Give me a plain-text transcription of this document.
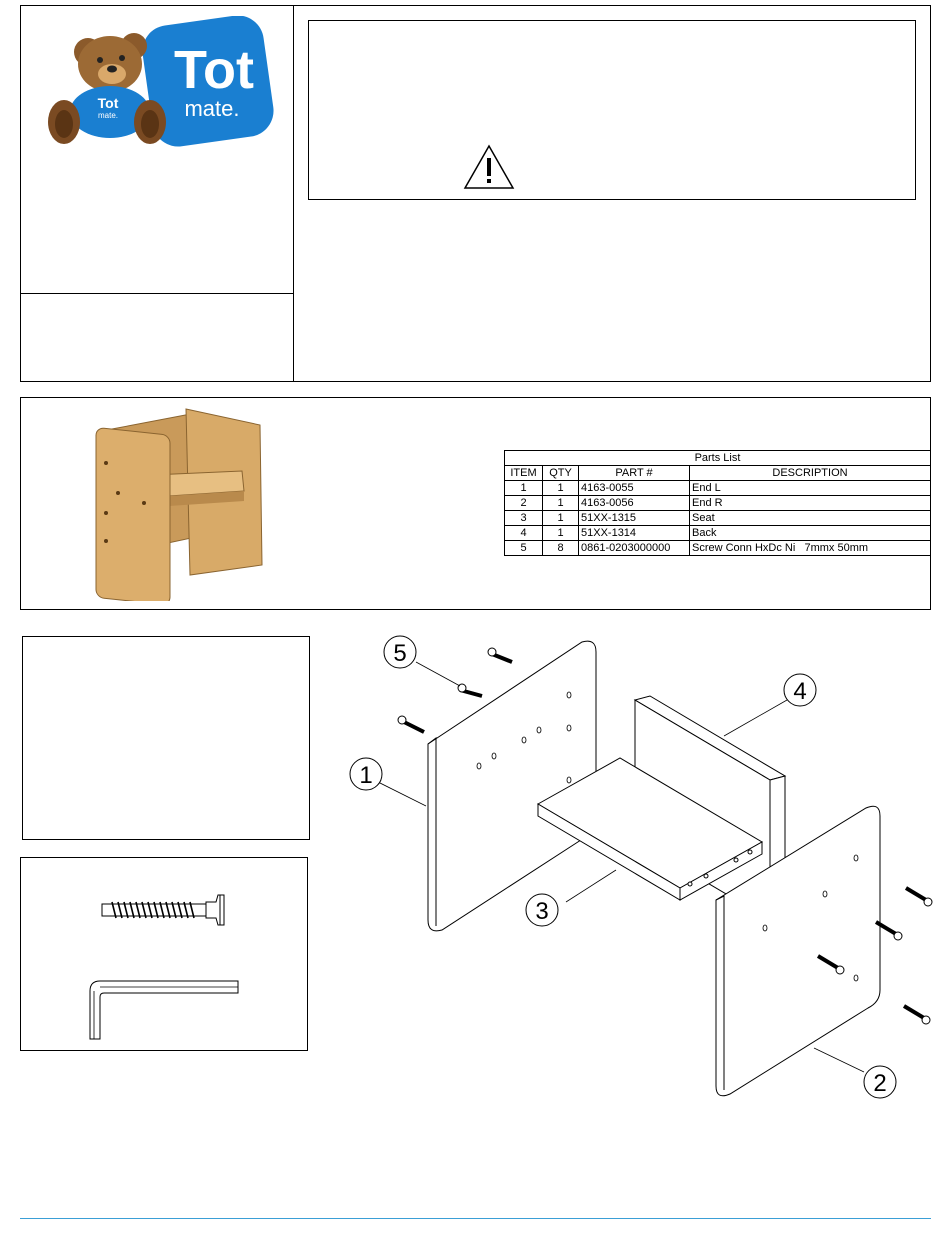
Tot
mate.
Tot
mate.
Parts List			
ITEM	QTY	PART #	DESCRIPTION
1	1	4163-0055	End L
2	1	4163-0056	End R
3	1	51XX-1315	Seat
4	1	51XX-1314	Back
5	8	0861-0203000000	Screw Conn HxDc Ni   7mmx 50mm
5
4
1
3
2
